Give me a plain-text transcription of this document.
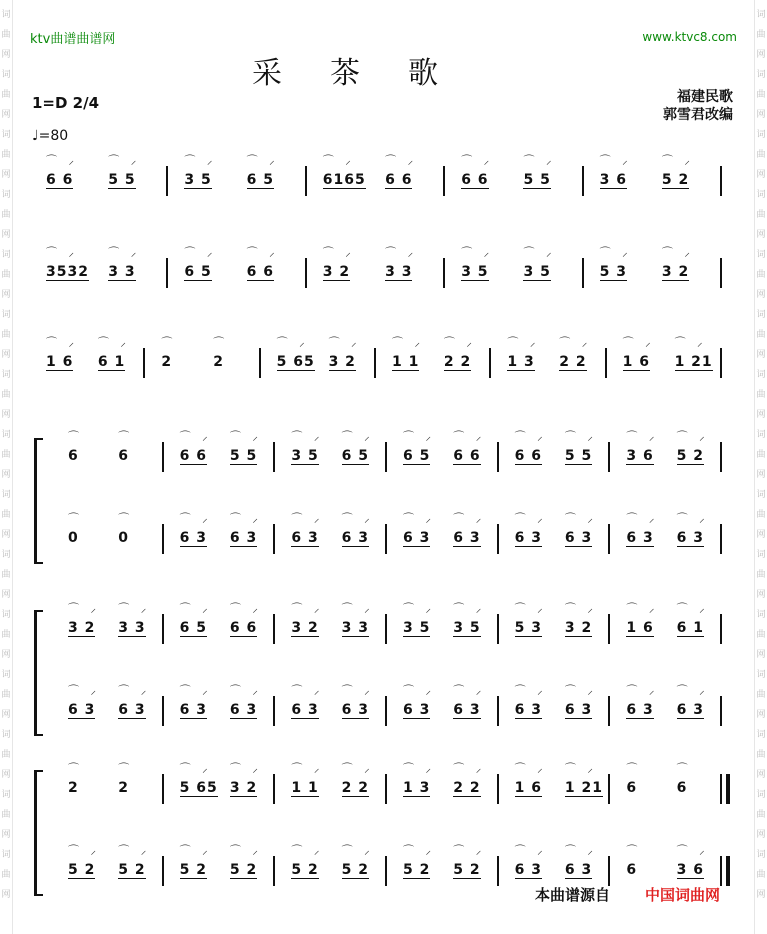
词
曲
网
词
曲
网
词
曲
网
词
曲
网
词
曲
网
词
曲
网
词
曲
网
词
曲
网
词
曲
网
词
曲
网
词
曲
网
词
曲
网
词
曲
网
词
曲
网
词
曲
网
词
曲
网
词
曲
网
词
曲
网
词
曲
网
词
曲
网
词
曲
网
词
曲
网
词
曲
网
词
曲
网
词
曲
网
词
曲
网
词
曲
网
词
曲
网
词
曲
网
词
曲
网
ktv曲谱曲谱网	www.ktvc8.com
采茶歌
福建民歌
郭雪君改编
1=D 2/4
♩=80
⌒ ⸝
6 6
⌒ ⸝
5 5
⌒ ⸝
3 5
⌒ ⸝
6 5
⌒ ⸝
6165
⌒ ⸝
6 6
⌒ ⸝
6 6
⌒ ⸝
5 5
⌒ ⸝
3 6
⌒ ⸝
5 2
⌒ ⸝
3532
⌒ ⸝
3 3
⌒ ⸝
6 5
⌒ ⸝
6 6
⌒ ⸝
3 2
⌒ ⸝
3 3
⌒ ⸝
3 5
⌒ ⸝
3 5
⌒ ⸝
5 3
⌒ ⸝
3 2
⌒ ⸝
1 6
⌒ ⸝
6 1
⌒
2
⌒
2
⌒ ⸝
5 65
⌒ ⸝
3 2
⌒ ⸝
1 1
⌒ ⸝
2 2
⌒ ⸝
1 3
⌒ ⸝
2 2
⌒ ⸝
1 6
⌒ ⸝
1 21
⌒
6
⌒
6
⌒ ⸝
6 6
⌒ ⸝
5 5
⌒ ⸝
3 5
⌒ ⸝
6 5
⌒ ⸝
6 5
⌒ ⸝
6 6
⌒ ⸝
6 6
⌒ ⸝
5 5
⌒ ⸝
3 6
⌒ ⸝
5 2
⌒
0
⌒
0
⌒ ⸝
6 3
⌒ ⸝
6 3
⌒ ⸝
6 3
⌒ ⸝
6 3
⌒ ⸝
6 3
⌒ ⸝
6 3
⌒ ⸝
6 3
⌒ ⸝
6 3
⌒ ⸝
6 3
⌒ ⸝
6 3
⌒ ⸝
3 2
⌒ ⸝
3 3
⌒ ⸝
6 5
⌒ ⸝
6 6
⌒ ⸝
3 2
⌒ ⸝
3 3
⌒ ⸝
3 5
⌒ ⸝
3 5
⌒ ⸝
5 3
⌒ ⸝
3 2
⌒ ⸝
1 6
⌒ ⸝
6 1
⌒ ⸝
6 3
⌒ ⸝
6 3
⌒ ⸝
6 3
⌒ ⸝
6 3
⌒ ⸝
6 3
⌒ ⸝
6 3
⌒ ⸝
6 3
⌒ ⸝
6 3
⌒ ⸝
6 3
⌒ ⸝
6 3
⌒ ⸝
6 3
⌒ ⸝
6 3
⌒
2
⌒
2
⌒ ⸝
5 65
⌒ ⸝
3 2
⌒ ⸝
1 1
⌒ ⸝
2 2
⌒ ⸝
1 3
⌒ ⸝
2 2
⌒ ⸝
1 6
⌒ ⸝
1 21
⌒
6
⌒
6
⌒ ⸝
5 2
⌒ ⸝
5 2
⌒ ⸝
5 2
⌒ ⸝
5 2
⌒ ⸝
5 2
⌒ ⸝
5 2
⌒ ⸝
5 2
⌒ ⸝
5 2
⌒ ⸝
6 3
⌒ ⸝
6 3
⌒
6
⌒ ⸝
3 6
本曲谱源自 中国词曲网
